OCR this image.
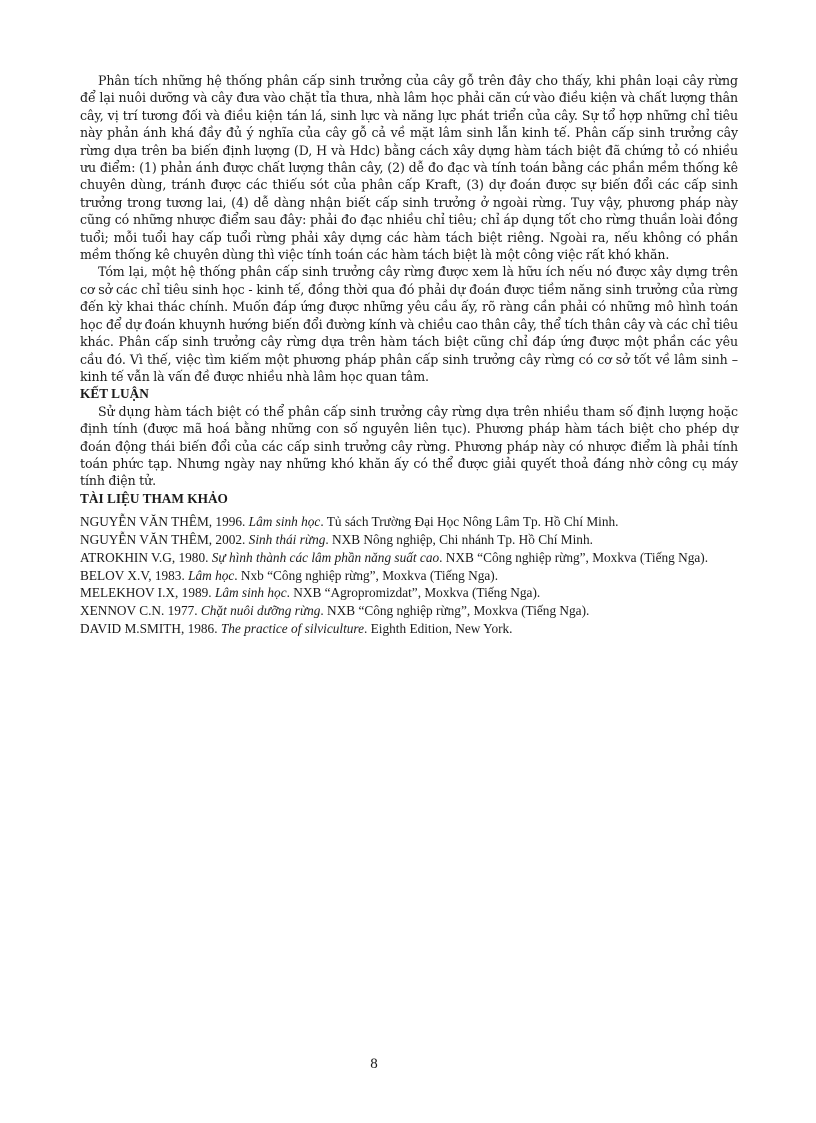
Phân tích những hệ thống phân cấp sinh trưởng của cây gỗ trên đây cho thấy, khi phân loại cây rừng để lại nuôi dưỡng và cây đưa vào chặt tỉa thưa, nhà lâm học phải căn cứ vào điều kiện và chất lượng thân cây, vị trí tương đối và điều kiện tán lá, sinh lực và năng lực phát triển của cây. Sự tổ hợp những chỉ tiêu này phản ánh khá đầy đủ ý nghĩa của cây gỗ cả về mặt lâm sinh lẫn kinh tế. Phân cấp sinh trưởng cây rừng dựa trên ba biến định lượng (D, H và Hdc) bằng cách xây dựng hàm tách biệt đã chứng tỏ có nhiều ưu điểm: (1) phản ánh được chất lượng thân cây, (2) dễ đo đạc và tính toán bằng các phần mềm thống kê chuyên dùng, tránh được các thiếu sót của phân cấp Kraft, (3) dự đoán được sự biến đổi các cấp sinh trưởng trong tương lai, (4) dễ dàng nhận biết cấp sinh trưởng ở ngoài rừng. Tuy vậy, phương pháp này cũng có những nhược điểm sau đây: phải đo đạc nhiều chỉ tiêu; chỉ áp dụng tốt cho rừng thuần loài đồng tuổi; mỗi tuổi hay cấp tuổi rừng phải xây dựng các hàm tách biệt riêng. Ngoài ra, nếu không có phần mềm thống kê chuyên dùng thì việc tính toán các hàm tách biệt là một công việc rất khó khăn.

Tóm lại, một hệ thống phân cấp sinh trưởng cây rừng được xem là hữu ích nếu nó được xây dựng trên cơ sở các chỉ tiêu sinh học - kinh tế, đồng thời qua đó phải dự đoán được tiềm năng sinh trưởng của rừng đến kỳ khai thác chính. Muốn đáp ứng được những yêu cầu ấy, rõ ràng cần phải có những mô hình toán học để dự đoán khuynh hướng biến đổi đường kính và chiều cao thân cây, thể tích thân cây và các chỉ tiêu khác. Phân cấp sinh trưởng cây rừng dựa trên hàm tách biệt cũng chỉ đáp ứng được một phần các yêu cầu đó. Vì thế, việc tìm kiếm một phương pháp phân cấp sinh trưởng cây rừng có cơ sở tốt về lâm sinh – kinh tế vẫn là vấn đề được nhiều nhà lâm học quan tâm.

KẾT LUẬN

Sử dụng hàm tách biệt có thể phân cấp sinh trưởng cây rừng dựa trên nhiều tham số định lượng hoặc định tính (được mã hoá bằng những con số nguyên liên tục). Phương pháp hàm tách biệt cho phép dự đoán động thái biến đổi của các cấp sinh trưởng cây rừng. Phương pháp này có nhược điểm là phải tính toán phức tạp. Nhưng ngày nay những khó khăn ấy có thể được giải quyết thoả đáng nhờ công cụ máy tính điện tử.

TÀI LIỆU THAM KHẢO

NGUYỄN VĂN THÊM, 1996. Lâm sinh học. Tủ sách Trường Đại Học Nông Lâm Tp. Hồ Chí Minh.

NGUYỄN VĂN THÊM, 2002. Sinh thái rừng. NXB Nông nghiệp, Chi nhánh Tp. Hồ Chí Minh.

ATROKHIN V.G, 1980. Sự hình thành các lâm phần năng suất cao. NXB “Công nghiệp rừng”, Moxkva (Tiếng Nga).

BELOV X.V, 1983. Lâm học. Nxb “Công nghiệp rừng”, Moxkva (Tiếng Nga).

MELEKHOV I.X, 1989. Lâm sinh học. NXB “Agropromizdat”, Moxkva (Tiếng Nga).

XENNOV C.N. 1977. Chặt nuôi dưỡng rừng. NXB “Công nghiệp rừng”, Moxkva (Tiếng Nga).

DAVID M.SMITH, 1986. The practice of silviculture. Eighth Edition, New York.

8
